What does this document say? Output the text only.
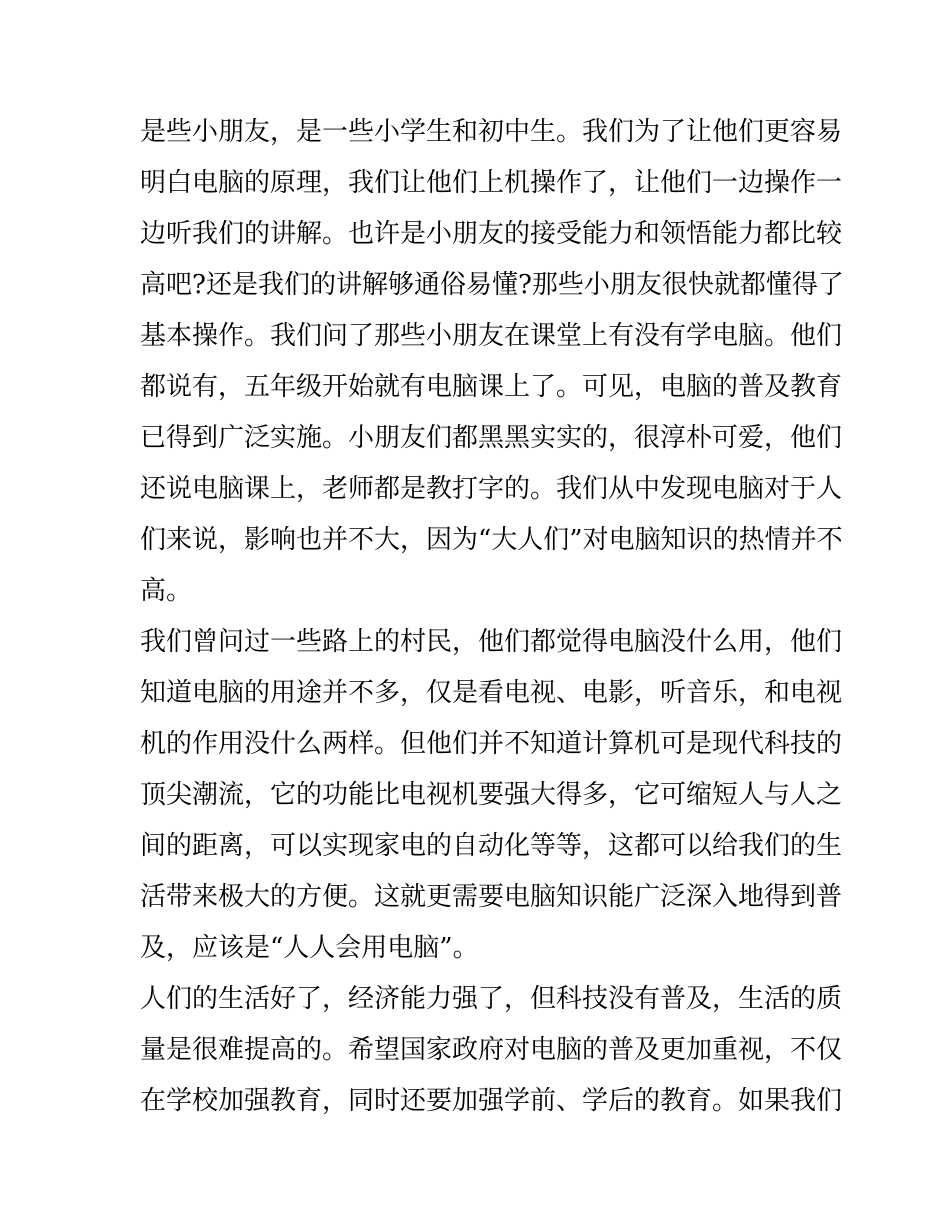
是些小朋友，是一些小学生和初中生。我们为了让他们更容易
明白电脑的原理，我们让他们上机操作了，让他们一边操作一
边听我们的讲解。也许是小朋友的接受能力和领悟能力都比较
高吧?还是我们的讲解够通俗易懂?那些小朋友很快就都懂得了
基本操作。我们问了那些小朋友在课堂上有没有学电脑。他们
都说有，五年级开始就有电脑课上了。可见，电脑的普及教育
已得到广泛实施。小朋友们都黑黑实实的，很淳朴可爱，他们
还说电脑课上，老师都是教打字的。我们从中发现电脑对于人
们来说，影响也并不大，因为“大人们”对电脑知识的热情并不
高。
我们曾问过一些路上的村民，他们都觉得电脑没什么用，他们
知道电脑的用途并不多，仅是看电视、电影，听音乐，和电视
机的作用没什么两样。但他们并不知道计算机可是现代科技的
顶尖潮流，它的功能比电视机要强大得多，它可缩短人与人之
间的距离，可以实现家电的自动化等等，这都可以给我们的生
活带来极大的方便。这就更需要电脑知识能广泛深入地得到普
及，应该是“人人会用电脑”。
人们的生活好了，经济能力强了，但科技没有普及，生活的质
量是很难提高的。希望国家政府对电脑的普及更加重视，不仅
在学校加强教育，同时还要加强学前、学后的教育。如果我们
